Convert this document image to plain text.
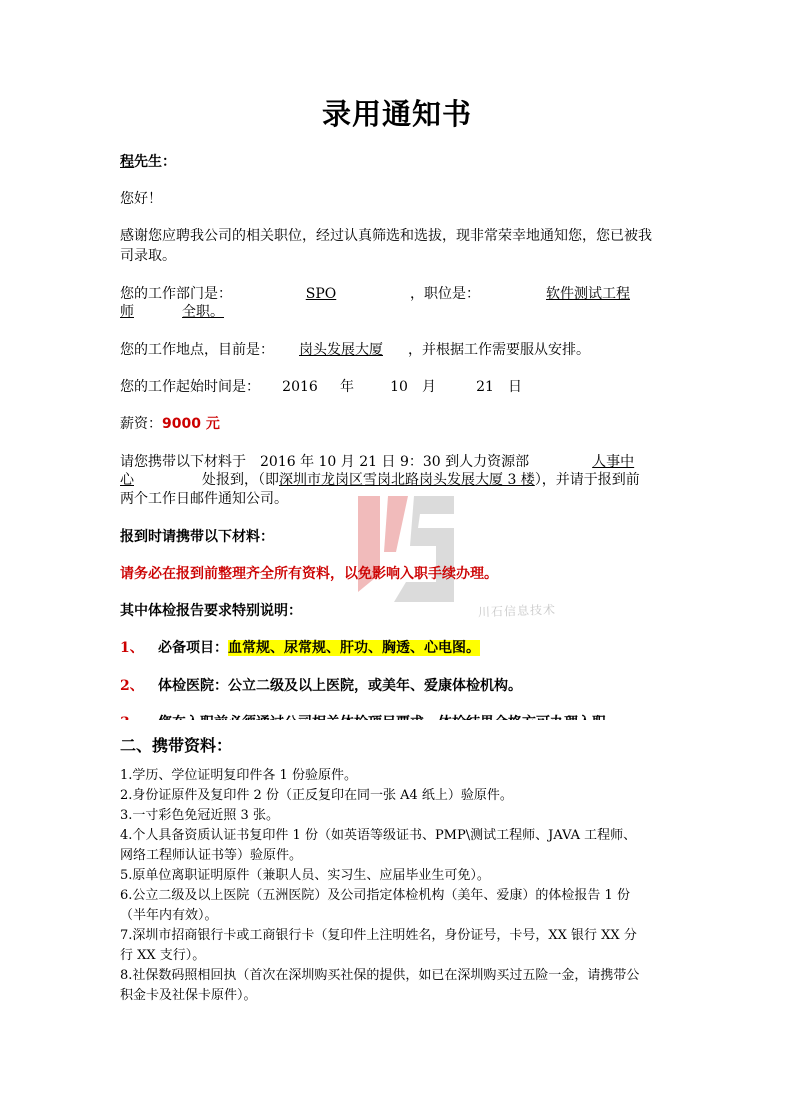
录用通知书
程先生：
您好！
感谢您应聘我公司的相关职位，经过认真筛选和选拔，现非常荣幸地通知您，您已被我
司录取。
您的工作部门是：	SPO	，职位是：	软件测试工程
师	全职。
您的工作地点，目前是： 岗头发展大厦 ，并根据工作需要服从安排。
您的工作起始时间是： 2016 年	10 月	21 日
薪资：9000 元
请您携带以下材料于 2016 年 10 月 21 日 9：30 到人力资源部	人事中
心	处报到，（即深圳市龙岗区雪岗北路岗头发展大厦 3 楼），并请于报到前
两个工作日邮件通知公司。
川石信息技术
报到时请携带以下材料：
请务必在报到前整理齐全所有资料，以免影响入职手续办理。
其中体检报告要求特别说明：
1、 必备项目：血常规、尿常规、肝功、胸透、心电图。
2、 体检医院：公立二级及以上医院，或美年、爱康体检机构。
二、携带资料：
1.学历、学位证明复印件各 1 份验原件。
2.身份证原件及复印件 2 份（正反复印在同一张 A4 纸上）验原件。
3.一寸彩色免冠近照 3 张。
4.个人具备资质认证书复印件 1 份（如英语等级证书、PMP\测试工程师、JAVA 工程师、
网络工程师认证书等）验原件。
5.原单位离职证明原件（兼职人员、实习生、应届毕业生可免）。
6.公立二级及以上医院（五洲医院）及公司指定体检机构（美年、爱康）的体检报告 1 份
（半年内有效）。
7.深圳市招商银行卡或工商银行卡（复印件上注明姓名，身份证号，卡号，XX 银行 XX 分
行 XX 支行）。
8.社保数码照相回执（首次在深圳购买社保的提供，如已在深圳购买过五险一金，请携带公
积金卡及社保卡原件）。
